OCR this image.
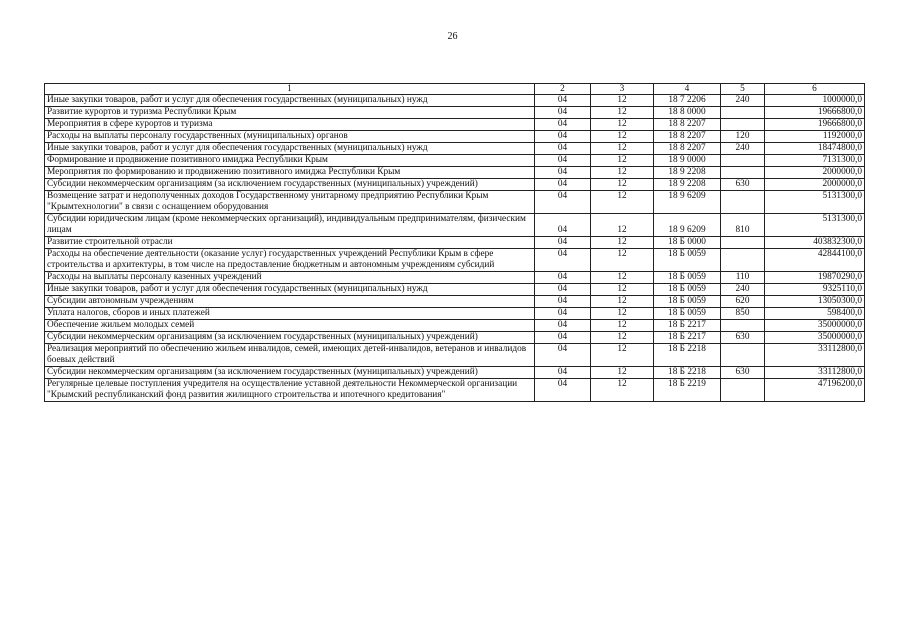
26
1	2	3	4	5	6
Иные закупки товаров, работ и услуг для обеспечения государственных (муниципальных) нужд	04	12	18 7 2206	240	1000000,0
Развитие курортов и туризма Республики Крым	04	12	18 8 0000		19666800,0
Мероприятия в сфере курортов и туризма	04	12	18 8 2207		19666800,0
Расходы на выплаты персоналу государственных (муниципальных) органов	04	12	18 8 2207	120	1192000,0
Иные закупки товаров, работ и услуг для обеспечения государственных (муниципальных) нужд	04	12	18 8 2207	240	18474800,0
Формирование и продвижение позитивного имиджа Республики Крым	04	12	18 9 0000		7131300,0
Мероприятия по формированию и продвижению позитивного имиджа Республики Крым	04	12	18 9 2208		2000000,0
Субсидии некоммерческим организациям (за исключением государственных (муниципальных) учреждений)	04	12	18 9 2208	630	2000000,0
Возмещение затрат и недополученных доходов Государственному унитарному предприятию Республики Крым "Крымтехнологии" в связи с оснащением оборудования	04	12	18 9 6209		5131300,0
Субсидии юридическим лицам (кроме некоммерческих организаций), индивидуальным предпринимателям, физическим лицам	04	12	18 9 6209	810	5131300,0
Развитие строительной отрасли	04	12	18 Б 0000		403832300,0
Расходы на обеспечение деятельности (оказание услуг) государственных учреждений Республики Крым в сфере строительства и архитектуры, в том числе на предоставление бюджетным и автономным учреждениям субсидий	04	12	18 Б 0059		42844100,0
Расходы на выплаты персоналу казенных учреждений	04	12	18 Б 0059	110	19870290,0
Иные закупки товаров, работ и услуг для обеспечения государственных (муниципальных) нужд	04	12	18 Б 0059	240	9325110,0
Субсидии автономным учреждениям	04	12	18 Б 0059	620	13050300,0
Уплата налогов, сборов и иных платежей	04	12	18 Б 0059	850	598400,0
Обеспечение жильем молодых семей	04	12	18 Б 2217		35000000,0
Субсидии некоммерческим организациям (за исключением государственных (муниципальных) учреждений)	04	12	18 Б 2217	630	35000000,0
Реализация мероприятий по обеспечению жильем инвалидов, семей, имеющих детей-инвалидов, ветеранов и инвалидов боевых действий	04	12	18 Б 2218		33112800,0
Субсидии некоммерческим организациям (за исключением государственных (муниципальных) учреждений)	04	12	18 Б 2218	630	33112800,0
Регулярные целевые поступления учредителя на осуществление уставной деятельности Некоммерческой организации "Крымский республиканский фонд развития жилищного строительства и ипотечного кредитования"	04	12	18 Б 2219		47196200,0
